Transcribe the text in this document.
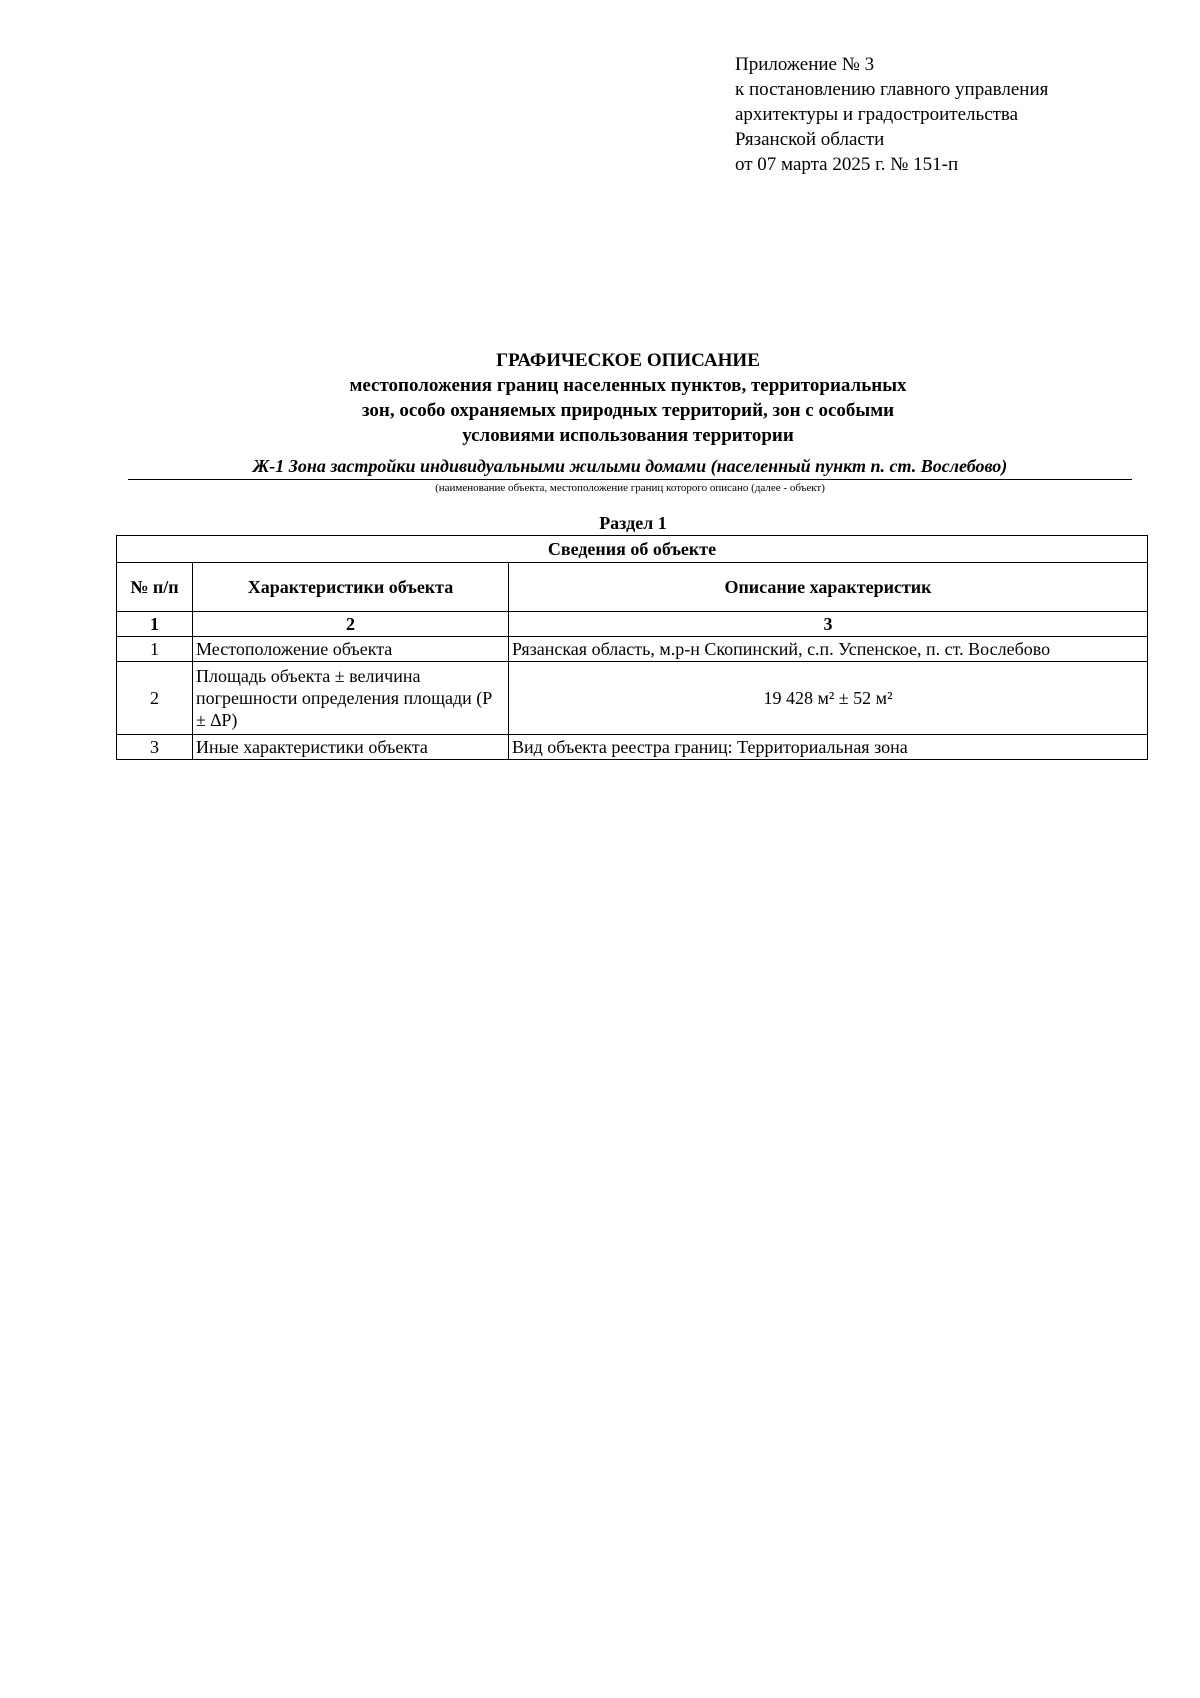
Приложение № 3
к постановлению главного управления
архитектуры и градостроительства
Рязанской области
от 07 марта 2025 г. № 151-п
ГРАФИЧЕСКОЕ ОПИСАНИЕ
местоположения границ населенных пунктов, территориальных
зон, особо охраняемых природных территорий, зон с особыми
условиями использования территории
Ж-1 Зона застройки индивидуальными жилыми домами (населенный пункт п. ст. Вослебово)
(наименование объекта, местоположение границ которого описано (далее - объект)
Раздел 1
Сведения об объекте		
№ п/п	Характеристики объекта	Описание характеристик
1	2	3
1	Местоположение объекта	Рязанская область, м.р-н Скопинский, с.п. Успенское, п. ст. Вослебово
2	Площадь объекта ± величина погрешности определения площади (P ± ∆P)	19 428 м² ± 52 м²
3	Иные характеристики объекта	Вид объекта реестра границ: Территориальная зона
